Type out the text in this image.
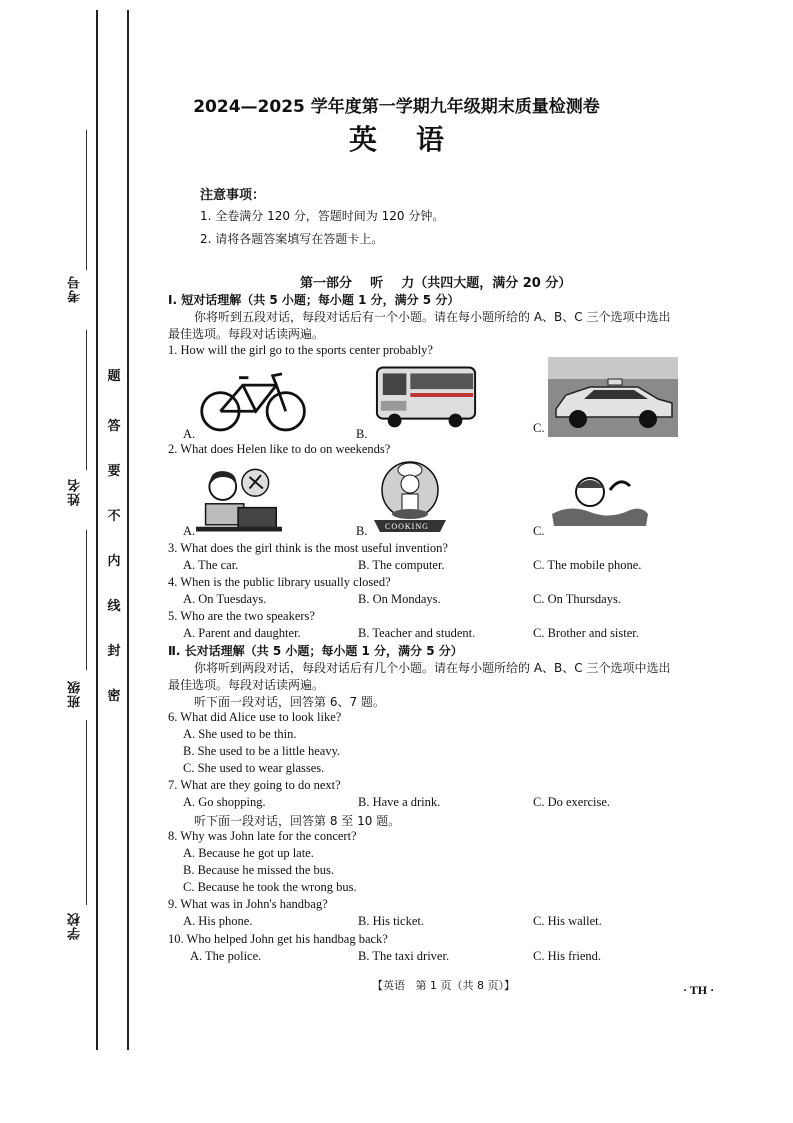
考号
姓名
班级
学校
题
答
要
不
内
线
封
密
2024—2025 学年度第一学期九年级期末质量检测卷
英    语
注意事项：
1. 全卷满分 120 分，答题时间为 120 分钟。
2. 请将各题答案填写在答题卡上。
第一部分    听    力（共四大题，满分 20 分）
Ⅰ. 短对话理解（共 5 小题；每小题 1 分，满分 5 分）
你将听到五段对话，每段对话后有一个小题。请在每小题所给的 A、B、C 三个选项中选出
最佳选项。每段对话读两遍。
1. How will the girl go to the sports center probably?
A.	B.	C.
2. What does Helen like to do on weekends?
A.	COOKING
B.	C.
3. What does the girl think is the most useful invention?
A. The car.	B. The computer.	C. The mobile phone.
4. When is the public library usually closed?
A. On Tuesdays.	B. On Mondays.	C. On Thursdays.
5. Who are the two speakers?
A. Parent and daughter.	B. Teacher and student.	C. Brother and sister.
Ⅱ. 长对话理解（共 5 小题；每小题 1 分，满分 5 分）
你将听到两段对话，每段对话后有几个小题。请在每小题所给的 A、B、C 三个选项中选出
最佳选项。每段对话读两遍。
听下面一段对话，回答第 6、7 题。
6. What did Alice use to look like?
A. She used to be thin.
B. She used to be a little heavy.
C. She used to wear glasses.
7. What are they going to do next?
A. Go shopping.	B. Have a drink.	C. Do exercise.
听下面一段对话，回答第 8 至 10 题。
8. Why was John late for the concert?
A. Because he got up late.
B. Because he missed the bus.
C. Because he took the wrong bus.
9. What was in John's handbag?
A. His phone.	B. His ticket.	C. His wallet.
10. Who helped John get his handbag back?
A. The police.	B. The taxi driver.	C. His friend.
【英语   第 1 页（共 8 页）】	· TH ·
